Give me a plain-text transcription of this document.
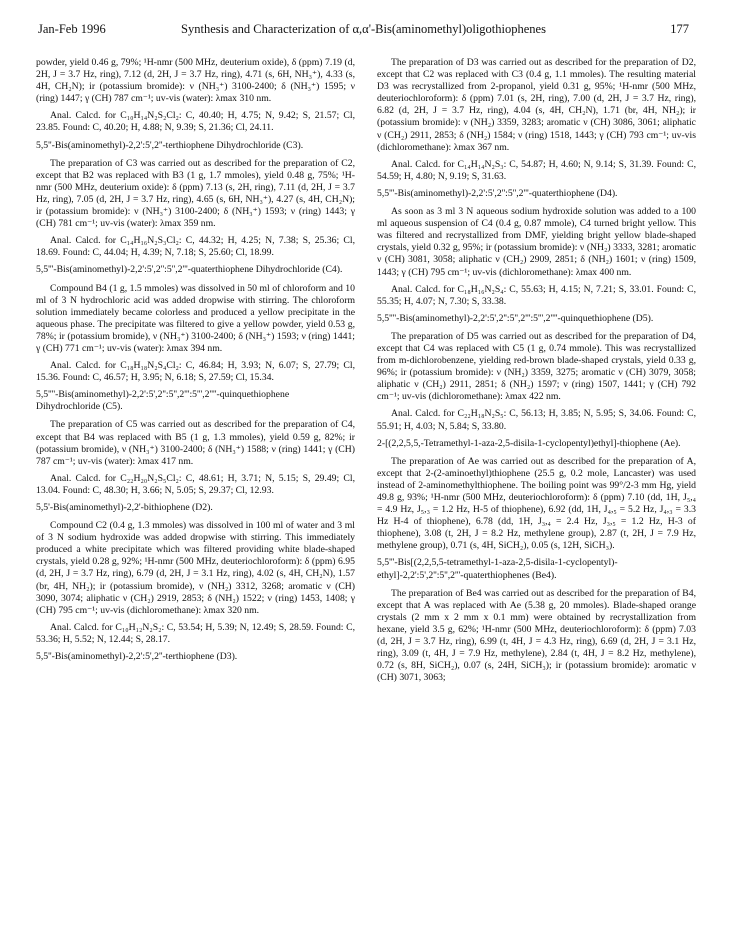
Jan-Feb 1996	Synthesis and Characterization of α,α'-Bis(aminomethyl)oligothiophenes	177

powder, yield 0.46 g, 79%; ¹H-nmr (500 MHz, deuterium oxide), δ (ppm) 7.19 (d, 2H, J = 3.7 Hz, ring), 7.12 (d, 2H, J = 3.7 Hz, ring), 4.71 (s, 6H, NH₃⁺), 4.33 (s, 4H, CH₂N); ir (potassium bromide): ν (NH₃⁺) 3100-2400; δ (NH₃⁺) 1595; ν (ring) 1447; γ (CH) 787 cm⁻¹; uv-vis (water): λmax 310 nm.

Anal. Calcd. for C₁₀H₁₄N₂S₂Cl₂: C, 40.40; H, 4.75; N, 9.42; S, 21.57; Cl, 23.85. Found: C, 40.20; H, 4.88; N, 9.39; S, 21.36; Cl, 24.11.

5,5''-Bis(aminomethyl)-2,2':5',2''-terthiophene Dihydrochloride (C3).

The preparation of C3 was carried out as described for the preparation of C2, except that B2 was replaced with B3 (1 g, 1.7 mmoles), yield 0.48 g, 75%; ¹H-nmr (500 MHz, deuterium oxide): δ (ppm) 7.13 (s, 2H, ring), 7.11 (d, 2H, J = 3.7 Hz, ring), 7.05 (d, 2H, J = 3.7 Hz, ring), 4.65 (s, 6H, NH₃⁺), 4.27 (s, 4H, CH₂N); ir (potassium bromide): ν (NH₃⁺) 3100-2400; δ (NH₃⁺) 1593; ν (ring) 1443; γ (CH) 781 cm⁻¹; uv-vis (water): λmax 359 nm.

Anal. Calcd. for C₁₄H₁₆N₂S₃Cl₂: C, 44.32; H, 4.25; N, 7.38; S, 25.36; Cl, 18.69. Found: C, 44.04; H, 4.39; N, 7.18; S, 25.60; Cl, 18.99.

5,5'''-Bis(aminomethyl)-2,2':5',2'':5'',2'''-quaterthiophene Dihydrochloride (C4).

Compound B4 (1 g, 1.5 mmoles) was dissolved in 50 ml of chloroform and 10 ml of 3 N hydrochloric acid was added dropwise with stirring. The chloroform solution immediately became colorless and produced a yellow precipitate in the aqueous phase. The precipitate was filtered to give a yellow powder, yield 0.53 g, 78%; ir (potassium bromide), ν (NH₃⁺) 3100-2400; δ (NH₃⁺) 1593; ν (ring) 1441; γ (CH) 771 cm⁻¹; uv-vis (water): λmax 394 nm.

Anal. Calcd. for C₁₈H₁₈N₂S₄Cl₂: C, 46.84; H, 3.93; N, 6.07; S, 27.79; Cl, 15.36. Found: C, 46.57; H, 3.95; N, 6.18; S, 27.59; Cl, 15.34.

5,5''''-Bis(aminomethyl)-2,2':5',2'':5'',2''':5''',2''''-quinquethiophene Dihydrochloride (C5).

The preparation of C5 was carried out as described for the preparation of C4, except that B4 was replaced with B5 (1 g, 1.3 mmoles), yield 0.59 g, 82%; ir (potassium bromide), ν (NH₃⁺) 3100-2400; δ (NH₃⁺) 1588; ν (ring) 1441; γ (CH) 787 cm⁻¹; uv-vis (water): λmax 417 nm.

Anal. Calcd. for C₂₂H₂₀N₂S₅Cl₂: C, 48.61; H, 3.71; N, 5.15; S, 29.49; Cl, 13.04. Found: C, 48.30; H, 3.66; N, 5.05; S, 29.37; Cl, 12.93.

5,5'-Bis(aminomethyl)-2,2'-bithiophene (D2).

Compound C2 (0.4 g, 1.3 mmoles) was dissolved in 100 ml of water and 3 ml of 3 N sodium hydroxide was added dropwise with stirring. This immediately produced a white precipitate which was filtered providing white blade-shaped crystals, yield 0.28 g, 92%; ¹H-nmr (500 MHz, deuteriochloroform): δ (ppm) 6.95 (d, 2H, J = 3.7 Hz, ring), 6.79 (d, 2H, J = 3.1 Hz, ring), 4.02 (s, 4H, CH₂N), 1.57 (br, 4H, NH₂); ir (potassium bromide), ν (NH₂) 3312, 3268; aromatic ν (CH) 3090, 3074; aliphatic ν (CH₂) 2919, 2853; δ (NH₂) 1522; ν (ring) 1453, 1408; γ (CH) 795 cm⁻¹; uv-vis (dichloromethane): λmax 320 nm.

Anal. Calcd. for C₁₀H₁₂N₂S₂: C, 53.54; H, 5.39; N, 12.49; S, 28.59. Found: C, 53.36; H, 5.52; N, 12.44; S, 28.17.

5,5''-Bis(aminomethyl)-2,2':5',2''-terthiophene (D3).

The preparation of D3 was carried out as described for the preparation of D2, except that C2 was replaced with C3 (0.4 g, 1.1 mmoles). The resulting material D3 was recrystallized from 2-propanol, yield 0.31 g, 95%; ¹H-nmr (500 MHz, deuteriochloroform): δ (ppm) 7.01 (s, 2H, ring), 7.00 (d, 2H, J = 3.7 Hz, ring), 6.82 (d, 2H, J = 3.7 Hz, ring), 4.04 (s, 4H, CH₂N), 1.71 (br, 4H, NH₂); ir (potassium bromide): ν (NH₂) 3359, 3283; aromatic ν (CH) 3086, 3061; aliphatic ν (CH₂) 2911, 2853; δ (NH₂) 1584; ν (ring) 1518, 1443; γ (CH) 793 cm⁻¹; uv-vis (dichloromethane): λmax 367 nm.

Anal. Calcd. for C₁₄H₁₄N₂S₃: C, 54.87; H, 4.60; N, 9.14; S, 31.39. Found: C, 54.59; H, 4.80; N, 9.19; S, 31.63.

5,5'''-Bis(aminomethyl)-2,2':5',2'':5'',2'''-quaterthiophene (D4).

As soon as 3 ml 3 N aqueous sodium hydroxide solution was added to a 100 ml aqueous suspension of C4 (0.4 g, 0.87 mmole), C4 turned bright yellow. This was filtered and recrystallized from DMF, yielding bright yellow blade-shaped crystals, yield 0.32 g, 95%; ir (potassium bromide): ν (NH₂) 3333, 3281; aromatic ν (CH) 3081, 3058; aliphatic ν (CH₂) 2909, 2851; δ (NH₂) 1601; ν (ring) 1509, 1443; γ (CH) 795 cm⁻¹; uv-vis (dichloromethane): λmax 400 nm.

Anal. Calcd. for C₁₈H₁₆N₂S₄: C, 55.63; H, 4.15; N, 7.21; S, 33.01. Found: C, 55.35; H, 4.07; N, 7.30; S, 33.38.

5,5''''-Bis(aminomethyl)-2,2':5',2'':5'',2''':5''',2''''-quinquethiophene (D5).

The preparation of D5 was carried out as described for the preparation of D4, except that C4 was replaced with C5 (1 g, 0.74 mmole). This was recrystallized from m-dichlorobenzene, yielding red-brown blade-shaped crystals, yield 0.33 g, 96%; ir (potassium bromide): ν (NH₂) 3359, 3275; aromatic ν (CH) 3079, 3058; aliphatic ν (CH₂) 2911, 2851; δ (NH₂) 1597; ν (ring) 1507, 1441; γ (CH) 792 cm⁻¹; uv-vis (dichloromethane): λmax 422 nm.

Anal. Calcd. for C₂₂H₁₈N₂S₅: C, 56.13; H, 3.85; N, 5.95; S, 34.06. Found: C, 55.91; H, 4.03; N, 5.84; S, 33.80.

2-[(2,2,5,5,-Tetramethyl-1-aza-2,5-disila-1-cyclopentyl)ethyl]-thiophene (Ae).

The preparation of Ae was carried out as described for the preparation of A, except that 2-(2-aminoethyl)thiophene (25.5 g, 0.2 mole, Lancaster) was used instead of 2-aminomethylthiophene. The boiling point was 99°/2-3 mm Hg, yield 49.8 g, 93%; ¹H-nmr (500 MHz, deuteriochloroform): δ (ppm) 7.10 (dd, 1H, J₅,₄ = 4.9 Hz, J₅,₃ = 1.2 Hz, H-5 of thiophene), 6.92 (dd, 1H, J₄,₅ = 5.2 Hz, J₄,₃ = 3.3 Hz H-4 of thiophene), 6.78 (dd, 1H, J₃,₄ = 2.4 Hz, J₃,₅ = 1.2 Hz, H-3 of thiophene), 3.08 (t, 2H, J = 8.2 Hz, methylene group), 2.87 (t, 2H, J = 7.9 Hz, methylene group), 0.71 (s, 4H, SiCH₂), 0.05 (s, 12H, SiCH₃).

5,5'''-Bis[(2,2,5,5-tetramethyl-1-aza-2,5-disila-1-cyclopentyl)-ethyl]-2,2':5',2'':5'',2'''-quaterthiophenes (Be4).

The preparation of Be4 was carried out as described for the preparation of B4, except that A was replaced with Ae (5.38 g, 20 mmoles). Blade-shaped orange crystals (2 mm x 2 mm x 0.1 mm) were obtained by recrystallization from hexane, yield 3.5 g, 62%; ¹H-nmr (500 MHz, deuteriochloroform): δ (ppm) 7.03 (d, 2H, J = 3.7 Hz, ring), 6.99 (t, 4H, J = 4.3 Hz, ring), 6.69 (d, 2H, J = 3.1 Hz, ring), 3.09 (t, 4H, J = 7.9 Hz, methylene), 2.84 (t, 4H, J = 8.2 Hz, methylene), 0.72 (s, 8H, SiCH₂), 0.07 (s, 24H, SiCH₃); ir (potassium bromide): aromatic ν (CH) 3071, 3063;
